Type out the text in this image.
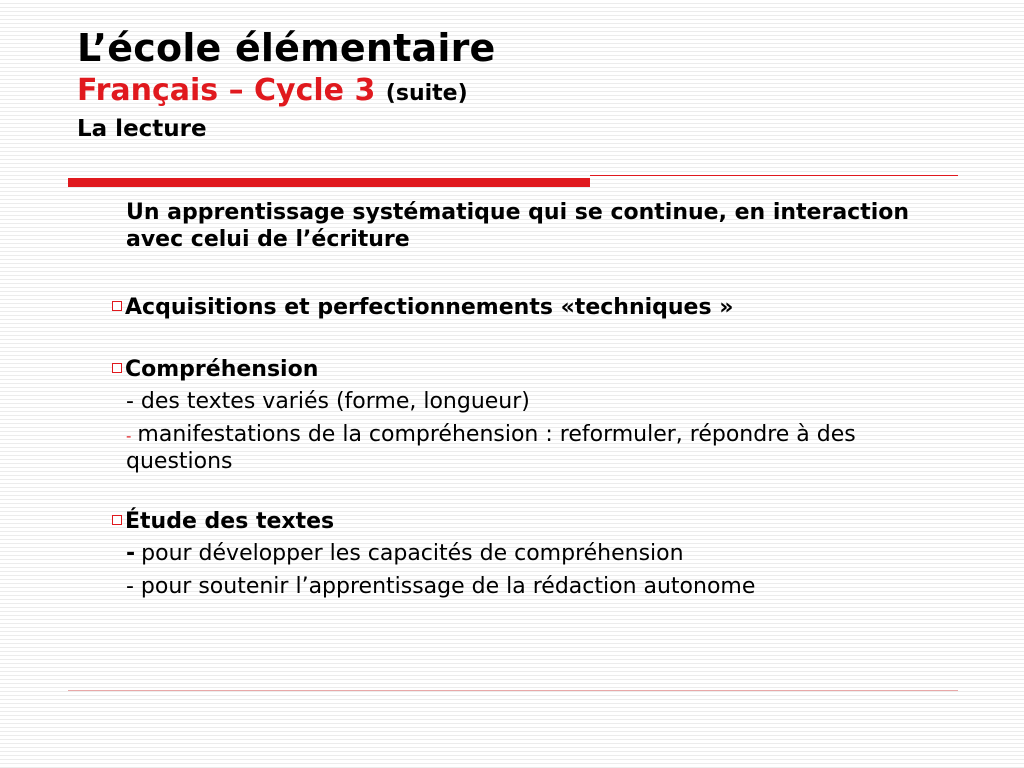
L’école élémentaire
Français – Cycle 3 (suite)
La lecture
Un apprentissage systématique qui se continue, en interaction avec celui de l’écriture
Acquisitions et perfectionnements «techniques »
Compréhension
- des textes variés (forme, longueur)
- manifestations de la compréhension : reformuler, répondre à des questions
Étude des textes
- pour développer les capacités de compréhension
- pour soutenir l’apprentissage de la rédaction autonome
